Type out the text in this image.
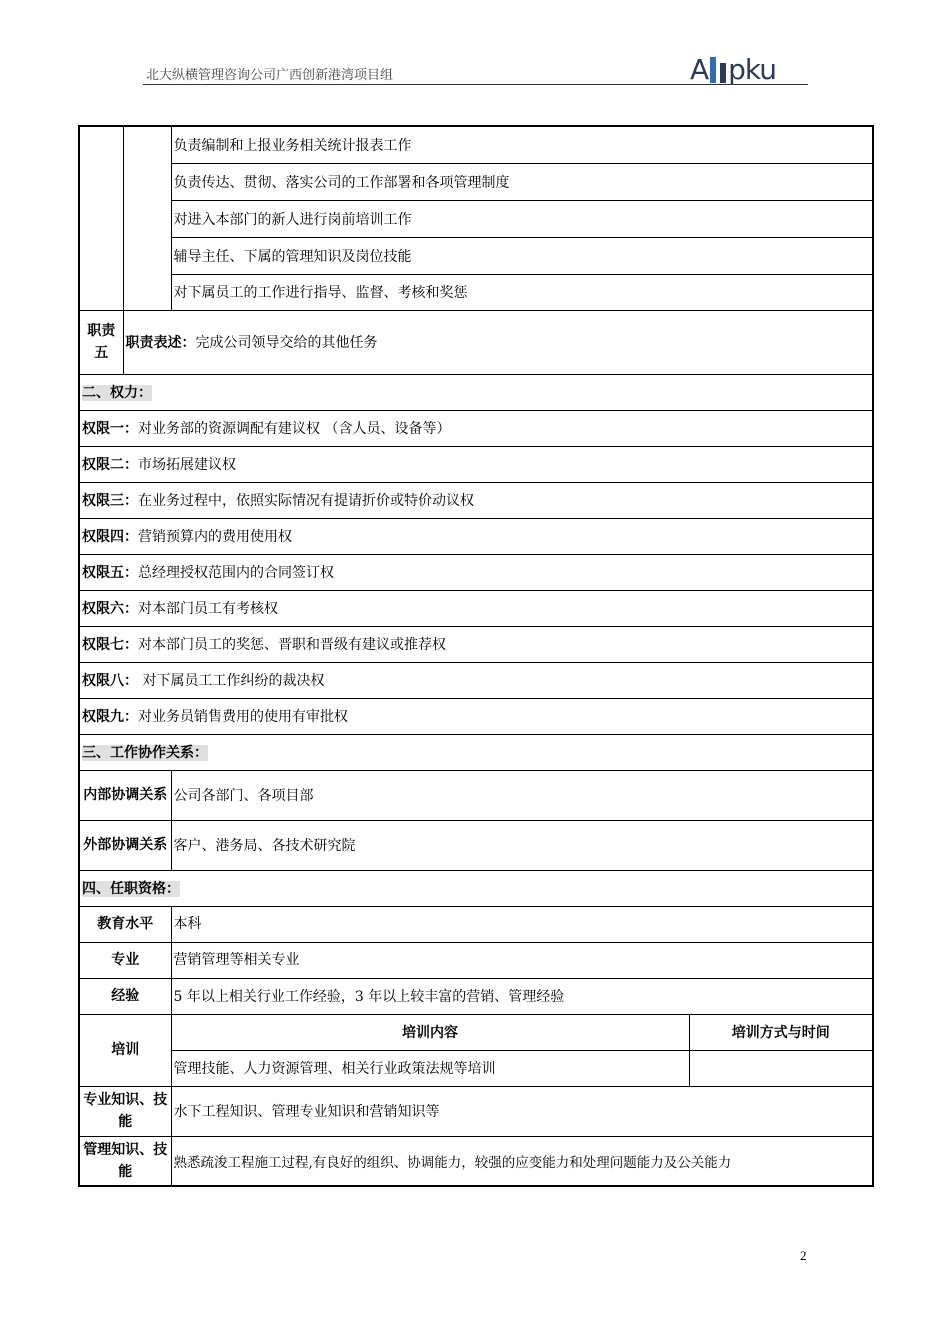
北大纵横管理咨询公司广西创新港湾项目组	A pku
		负责编制和上报业务相关统计报表工作	
		负责传达、贯彻、落实公司的工作部署和各项管理制度	
		对进入本部门的新人进行岗前培训工作	
		辅导主任、下属的管理知识及岗位技能	
		对下属员工的工作进行指导、监督、考核和奖惩	
职责五	职责表述：完成公司领导交给的其他任务		
二、权力：			
权限一：对业务部的资源调配有建议权 （含人员、设备等）			
权限二：市场拓展建议权			
权限三：在业务过程中，依照实际情况有提请折价或特价动议权			
权限四：营销预算内的费用使用权			
权限五：总经理授权范围内的合同签订权			
权限六：对本部门员工有考核权			
权限七：对本部门员工的奖惩、晋职和晋级有建议或推荐权			
权限八： 对下属员工工作纠纷的裁决权			
权限九：对业务员销售费用的使用有审批权			
三、工作协作关系：			
内部协调关系		公司各部门、各项目部	
外部协调关系		客户、港务局、各技术研究院	
四、任职资格：			
教育水平		本科	
专业		营销管理等相关专业	
经验		5 年以上相关行业工作经验，3 年以上较丰富的营销、管理经验	
培训		培训内容	培训方式与时间
		管理技能、人力资源管理、相关行业政策法规等培训	
专业知识、技能		水下工程知识、管理专业知识和营销知识等	
管理知识、技能		熟悉疏浚工程施工过程,有良好的组织、协调能力，较强的应变能力和处理问题能力及公关能力	
2
